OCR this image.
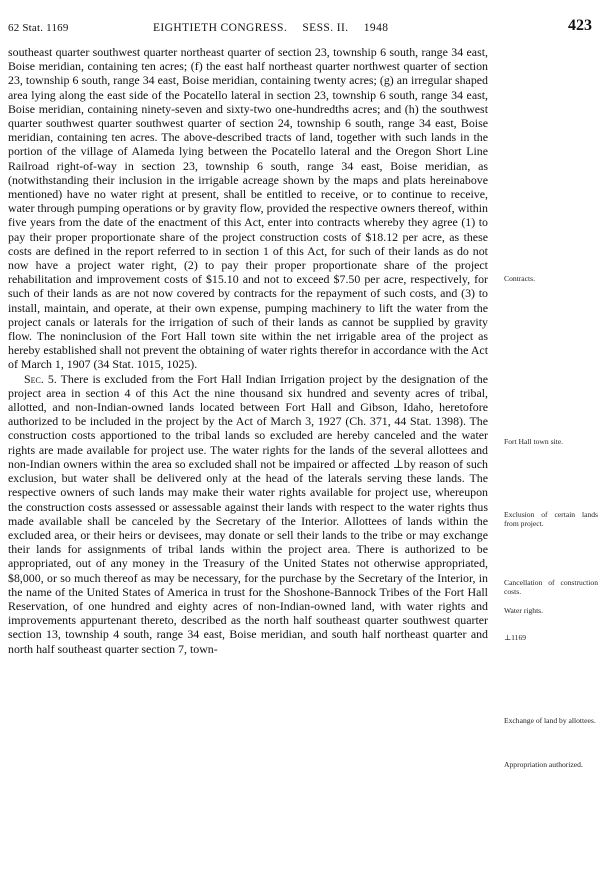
62 Stat. 1169	EIGHTIETH CONGRESS. SESS. II. 1948	423

southeast quarter southwest quarter northeast quarter of section 23, township 6 south, range 34 east, Boise meridian, containing ten acres; (f) the east half northeast quarter northwest quarter of section 23, township 6 south, range 34 east, Boise meridian, containing twenty acres; (g) an irregular shaped area lying along the east side of the Pocatello lateral in section 23, township 6 south, range 34 east, Boise meridian, containing ninety-seven and sixty-two one-hundredths acres; and (h) the southwest quarter southwest quarter southwest quarter of section 24, township 6 south, range 34 east, Boise meridian, containing ten acres. The above-described tracts of land, together with such lands in the portion of the village of Alameda lying between the Pocatello lateral and the Oregon Short Line Railroad right-of-way in section 23, township 6 south, range 34 east, Boise meridian, as (notwithstanding their inclusion in the irrigable acreage shown by the maps and plats hereinabove mentioned) have no water right at present, shall be entitled to receive, or to continue to receive, water through pumping operations or by gravity flow, provided the respective owners thereof, within five years from the date of the enactment of this Act, enter into contracts whereby they agree (1) to pay their proper proportionate share of the project construction costs of $18.12 per acre, as these costs are defined in the report referred to in section 1 of this Act, for such of their lands as do not now have a project water right, (2) to pay their proper proportionate share of the project rehabilitation and improvement costs of $15.10 and not to exceed $7.50 per acre, respectively, for such of their lands as are not now covered by contracts for the repayment of such costs, and (3) to install, maintain, and operate, at their own expense, pumping machinery to lift the water from the project canals or laterals for the irrigation of such of their lands as cannot be supplied by gravity flow. The noninclusion of the Fort Hall town site within the net irrigable area of the project as hereby established shall not prevent the obtaining of water rights therefor in accordance with the Act of March 1, 1907 (34 Stat. 1015, 1025).

Sec. 5. There is excluded from the Fort Hall Indian Irrigation project by the designation of the project area in section 4 of this Act the nine thousand six hundred and seventy acres of tribal, allotted, and non-Indian-owned lands located between Fort Hall and Gibson, Idaho, heretofore authorized to be included in the project by the Act of March 3, 1927 (Ch. 371, 44 Stat. 1398). The construction costs apportioned to the tribal lands so excluded are hereby canceled and the water rights are made available for project use. The water rights for the lands of the several allottees and non-Indian owners within the area so excluded shall not be impaired or affected ⊥by reason of such exclusion, but water shall be delivered only at the head of the laterals serving these lands. The respective owners of such lands may make their water rights available for project use, whereupon the construction costs assessed or assessable against their lands with respect to the water rights thus made available shall be canceled by the Secretary of the Interior. Allottees of lands within the excluded area, or their heirs or devisees, may donate or sell their lands to the tribe or may exchange their lands for assignments of tribal lands within the project area. There is authorized to be appropriated, out of any money in the Treasury of the United States not otherwise appropriated, $8,000, or so much thereof as may be necessary, for the purchase by the Secretary of the Interior, in the name of the United States of America in trust for the Shoshone-Bannock Tribes of the Fort Hall Reservation, of one hundred and eighty acres of non-Indian-owned land, with water rights and improvements appurtenant thereto, described as the north half southeast quarter southwest quarter section 13, township 4 south, range 34 east, Boise meridian, and south half northeast quarter and north half southeast quarter section 7, town-

Contracts.
Fort Hall town site.
Exclusion of certain lands from project.
Cancellation of construction costs.
Water rights.
⊥1169
Exchange of land by allottees.
Appropriation authorized.
